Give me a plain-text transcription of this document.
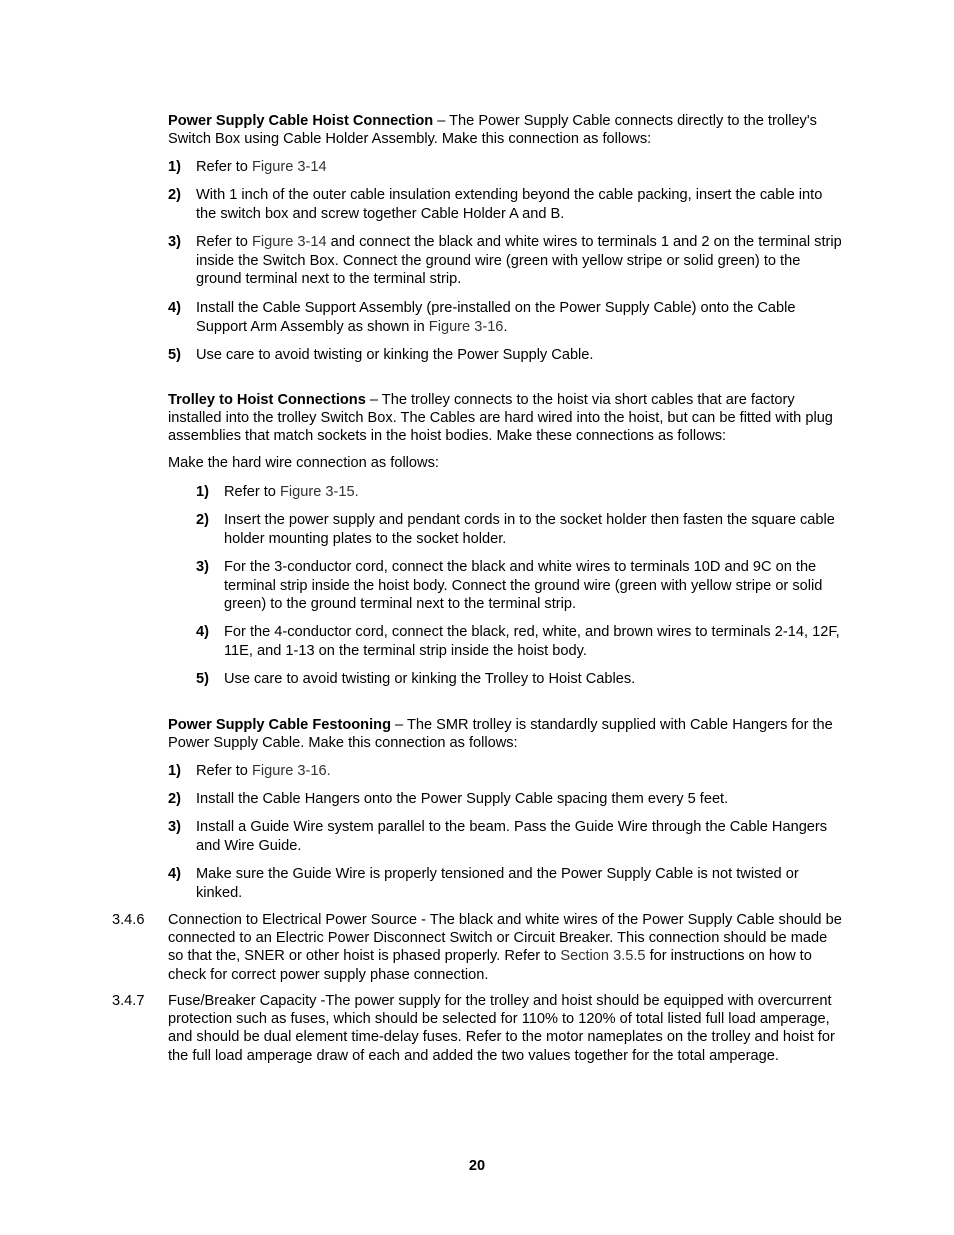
Power Supply Cable Hoist Connection – The Power Supply Cable connects directly to the trolley's Switch Box using Cable Holder Assembly. Make this connection as follows:

1)	Refer to Figure 3-14
2)	With 1 inch of the outer cable insulation extending beyond the cable packing, insert the cable into the switch box and screw together Cable Holder A and B.
3)	Refer to Figure 3-14 and connect the black and white wires to terminals 1 and 2 on the terminal strip inside the Switch Box. Connect the ground wire (green with yellow stripe or solid green) to the ground terminal next to the terminal strip.
4)	Install the Cable Support Assembly (pre-installed on the Power Supply Cable) onto the Cable Support Arm Assembly as shown in Figure 3-16.
5)	Use care to avoid twisting or kinking the Power Supply Cable.

Trolley to Hoist Connections – The trolley connects to the hoist via short cables that are factory installed into the trolley Switch Box. The Cables are hard wired into the hoist, but can be fitted with plug assemblies that match sockets in the hoist bodies. Make these connections as follows:

Make the hard wire connection as follows:

1)	Refer to Figure 3-15.
2)	Insert the power supply and pendant cords in to the socket holder then fasten the square cable holder mounting plates to the socket holder.
3)	For the 3-conductor cord, connect the black and white wires to terminals 10D and 9C on the terminal strip inside the hoist body. Connect the ground wire (green with yellow stripe or solid green) to the ground terminal next to the terminal strip.
4)	For the 4-conductor cord, connect the black, red, white, and brown wires to terminals 2-14, 12F, 11E, and 1-13 on the terminal strip inside the hoist body.
5)	Use care to avoid twisting or kinking the Trolley to Hoist Cables.

Power Supply Cable Festooning – The SMR trolley is standardly supplied with Cable Hangers for the Power Supply Cable. Make this connection as follows:

1)	Refer to Figure 3-16.
2)	Install the Cable Hangers onto the Power Supply Cable spacing them every 5 feet.
3)	Install a Guide Wire system parallel to the beam. Pass the Guide Wire through the Cable Hangers and Wire Guide.
4)	Make sure the Guide Wire is properly tensioned and the Power Supply Cable is not twisted or kinked.
3.4.6	Connection to Electrical Power Source - The black and white wires of the Power Supply Cable should be connected to an Electric Power Disconnect Switch or Circuit Breaker. This connection should be made so that the, SNER or other hoist is phased properly. Refer to Section 3.5.5 for instructions on how to check for correct power supply phase connection.
3.4.7	Fuse/Breaker Capacity -The power supply for the trolley and hoist should be equipped with overcurrent protection such as fuses, which should be selected for 110% to 120% of total listed full load amperage, and should be dual element time-delay fuses. Refer to the motor nameplates on the trolley and hoist for the full load amperage draw of each and added the two values together for the total amperage.
20
